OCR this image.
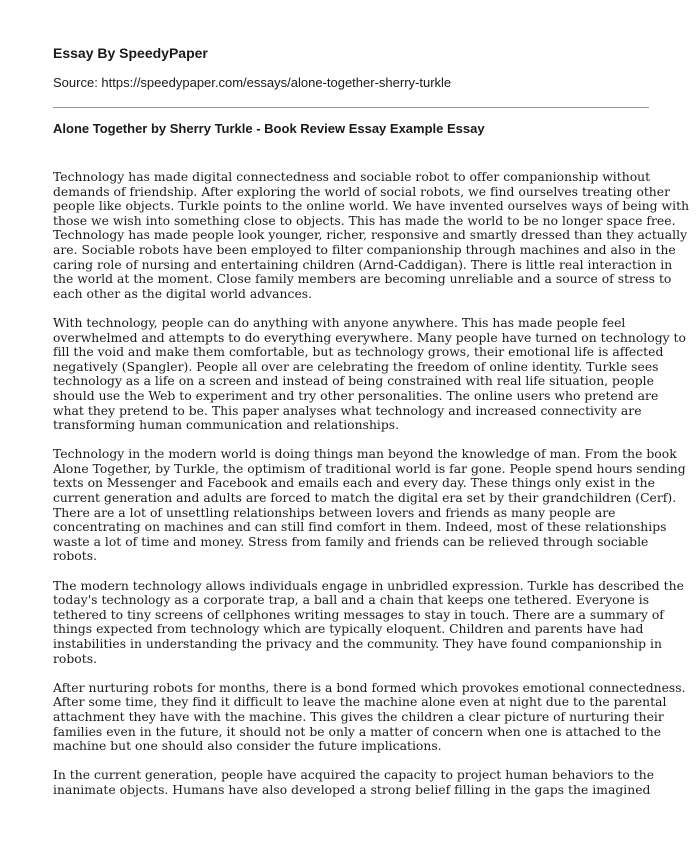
Essay By SpeedyPaper

Source: https://speedypaper.com/essays/alone-together-sherry-turkle

Alone Together by Sherry Turkle - Book Review Essay Example Essay

Technology has made digital connectedness and sociable robot to offer companionship without
demands of friendship. After exploring the world of social robots, we find ourselves treating other
people like objects. Turkle points to the online world. We have invented ourselves ways of being with
those we wish into something close to objects. This has made the world to be no longer space free.
Technology has made people look younger, richer, responsive and smartly dressed than they actually
are. Sociable robots have been employed to filter companionship through machines and also in the
caring role of nursing and entertaining children (Arnd-Caddigan). There is little real interaction in
the world at the moment. Close family members are becoming unreliable and a source of stress to
each other as the digital world advances.

With technology, people can do anything with anyone anywhere. This has made people feel
overwhelmed and attempts to do everything everywhere. Many people have turned on technology to
fill the void and make them comfortable, but as technology grows, their emotional life is affected
negatively (Spangler). People all over are celebrating the freedom of online identity. Turkle sees
technology as a life on a screen and instead of being constrained with real life situation, people
should use the Web to experiment and try other personalities. The online users who pretend are
what they pretend to be. This paper analyses what technology and increased connectivity are
transforming human communication and relationships.

Technology in the modern world is doing things man beyond the knowledge of man. From the book
Alone Together, by Turkle, the optimism of traditional world is far gone. People spend hours sending
texts on Messenger and Facebook and emails each and every day. These things only exist in the
current generation and adults are forced to match the digital era set by their grandchildren (Cerf).
There are a lot of unsettling relationships between lovers and friends as many people are
concentrating on machines and can still find comfort in them. Indeed, most of these relationships
waste a lot of time and money. Stress from family and friends can be relieved through sociable
robots.

The modern technology allows individuals engage in unbridled expression. Turkle has described the
today's technology as a corporate trap, a ball and a chain that keeps one tethered. Everyone is
tethered to tiny screens of cellphones writing messages to stay in touch. There are a summary of
things expected from technology which are typically eloquent. Children and parents have had
instabilities in understanding the privacy and the community. They have found companionship in
robots.

After nurturing robots for months, there is a bond formed which provokes emotional connectedness.
After some time, they find it difficult to leave the machine alone even at night due to the parental
attachment they have with the machine. This gives the children a clear picture of nurturing their
families even in the future, it should not be only a matter of concern when one is attached to the
machine but one should also consider the future implications.

In the current generation, people have acquired the capacity to project human behaviors to the
inanimate objects. Humans have also developed a strong belief filling in the gaps the imagined
